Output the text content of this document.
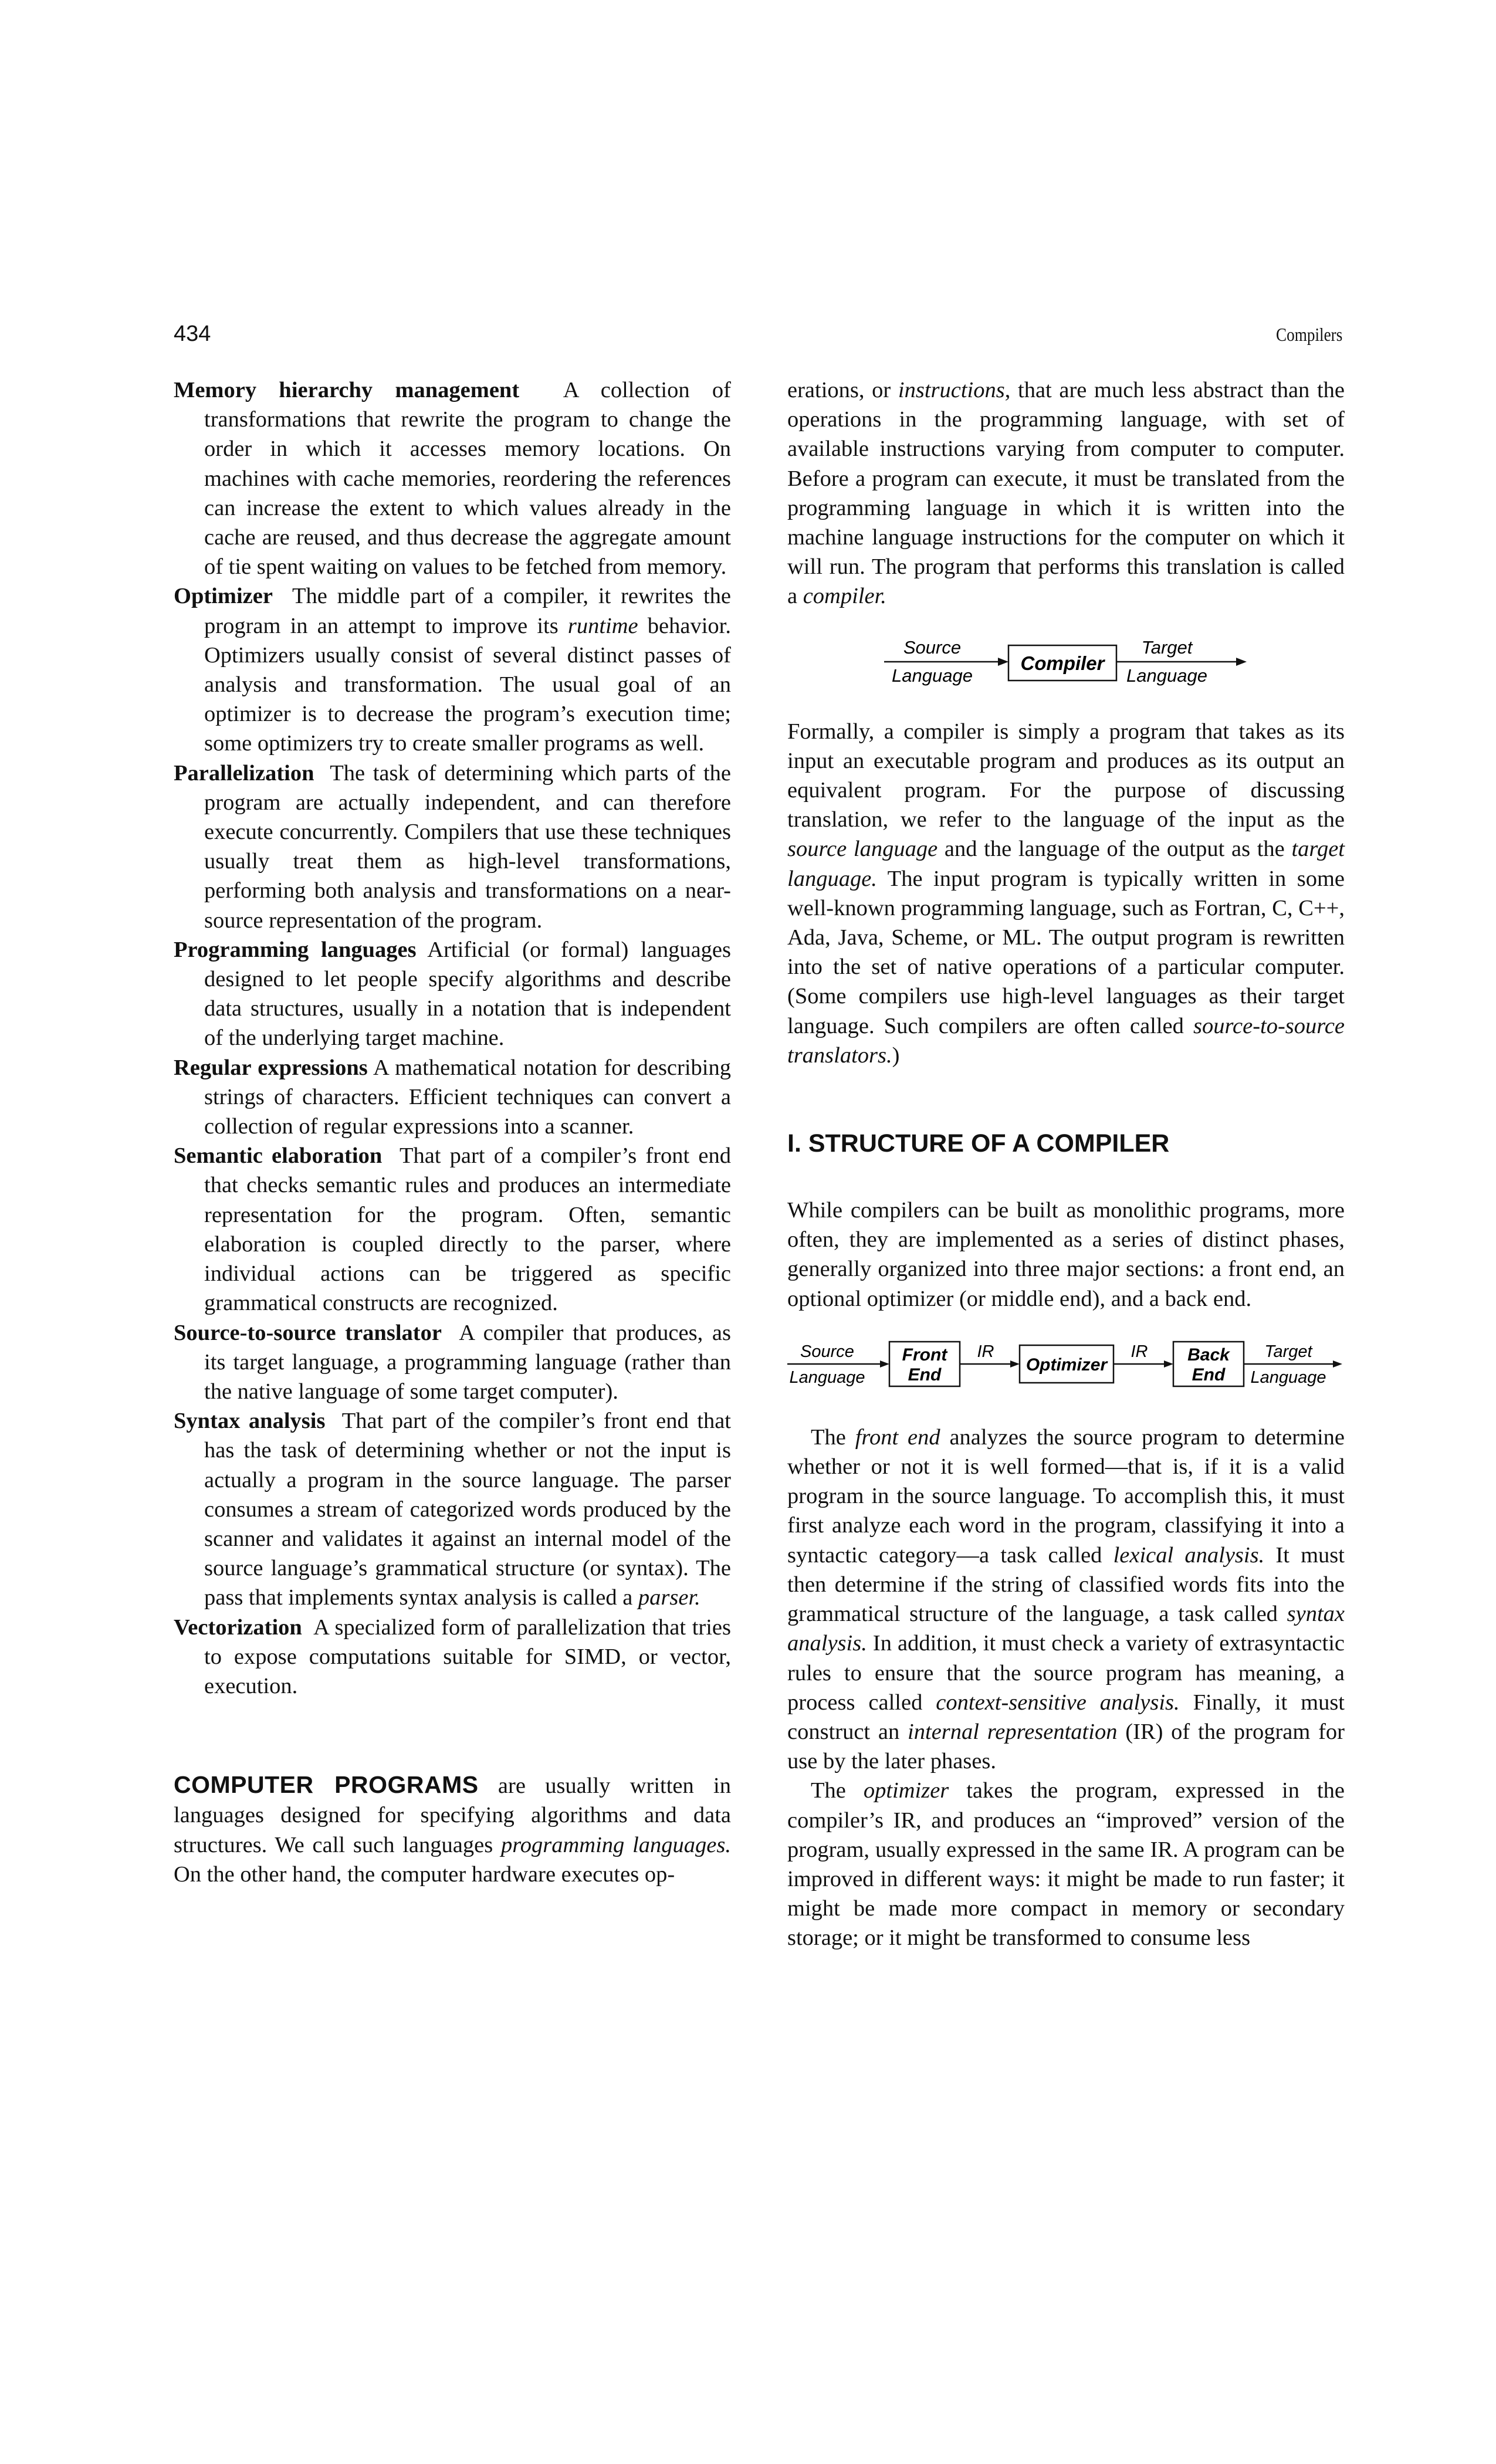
434	Compilers

Memory hierarchy management A collection of transformations that rewrite the program to change the order in which it accesses memory locations. On machines with cache memories, reordering the references can increase the extent to which values already in the cache are reused, and thus decrease the aggregate amount of tie spent waiting on values to be fetched from memory.

Optimizer The middle part of a compiler, it rewrites the program in an attempt to improve its runtime behavior. Optimizers usually consist of several distinct passes of analysis and transformation. The usual goal of an optimizer is to decrease the program’s execution time; some optimizers try to create smaller programs as well.

Parallelization The task of determining which parts of the program are actually independent, and can therefore execute concurrently. Compilers that use these techniques usually treat them as high-level transformations, performing both analysis and transformations on a near-source representation of the program.

Programming languages Artificial (or formal) languages designed to let people specify algorithms and describe data structures, usually in a notation that is independent of the underlying target machine.

Regular expressions A mathematical notation for describing strings of characters. Efficient techniques can convert a collection of regular expressions into a scanner.

Semantic elaboration That part of a compiler’s front end that checks semantic rules and produces an intermediate representation for the program. Often, semantic elaboration is coupled directly to the parser, where individual actions can be triggered as specific grammatical constructs are recognized.

Source-to-source translator A compiler that produces, as its target language, a programming language (rather than the native language of some target computer).

Syntax analysis That part of the compiler’s front end that has the task of determining whether or not the input is actually a program in the source language. The parser consumes a stream of categorized words produced by the scanner and validates it against an internal model of the source language’s grammatical structure (or syntax). The pass that implements syntax analysis is called a parser.

Vectorization A specialized form of parallelization that tries to expose computations suitable for SIMD, or vector, execution.

COMPUTER PROGRAMS are usually written in languages designed for specifying algorithms and data structures. We call such languages programming languages. On the other hand, the computer hardware executes op-

erations, or instructions, that are much less abstract than the operations in the programming language, with set of available instructions varying from computer to computer. Before a program can execute, it must be translated from the programming language in which it is written into the machine language instructions for the computer on which it will run. The program that performs this translation is called a compiler.

Source
Language
Compiler
Target
Language

Formally, a compiler is simply a program that takes as its input an executable program and produces as its output an equivalent program. For the purpose of discussing translation, we refer to the language of the input as the source language and the language of the output as the target language. The input program is typically written in some well-known programming language, such as Fortran, C, C++, Ada, Java, Scheme, or ML. The output program is rewritten into the set of native operations of a particular computer. (Some compilers use high-level languages as their target language. Such compilers are often called source-to-source translators.)

I. STRUCTURE OF A COMPILER

While compilers can be built as monolithic programs, more often, they are implemented as a series of distinct phases, generally organized into three major sections: a front end, an optional optimizer (or middle end), and a back end.

Source
Language
Front
End
IR
Optimizer
IR Back
End
Target
Language

The front end analyzes the source program to determine whether or not it is well formed—that is, if it is a valid program in the source language. To accomplish this, it must first analyze each word in the program, classifying it into a syntactic category—a task called lexical analysis. It must then determine if the string of classified words fits into the grammatical structure of the language, a task called syntax analysis. In addition, it must check a variety of extrasyntactic rules to ensure that the source program has meaning, a process called context-sensitive analysis. Finally, it must construct an internal representation (IR) of the program for use by the later phases.

The optimizer takes the program, expressed in the compiler’s IR, and produces an “improved” version of the program, usually expressed in the same IR. A program can be improved in different ways: it might be made to run faster; it might be made more compact in memory or secondary storage; or it might be transformed to consume less
